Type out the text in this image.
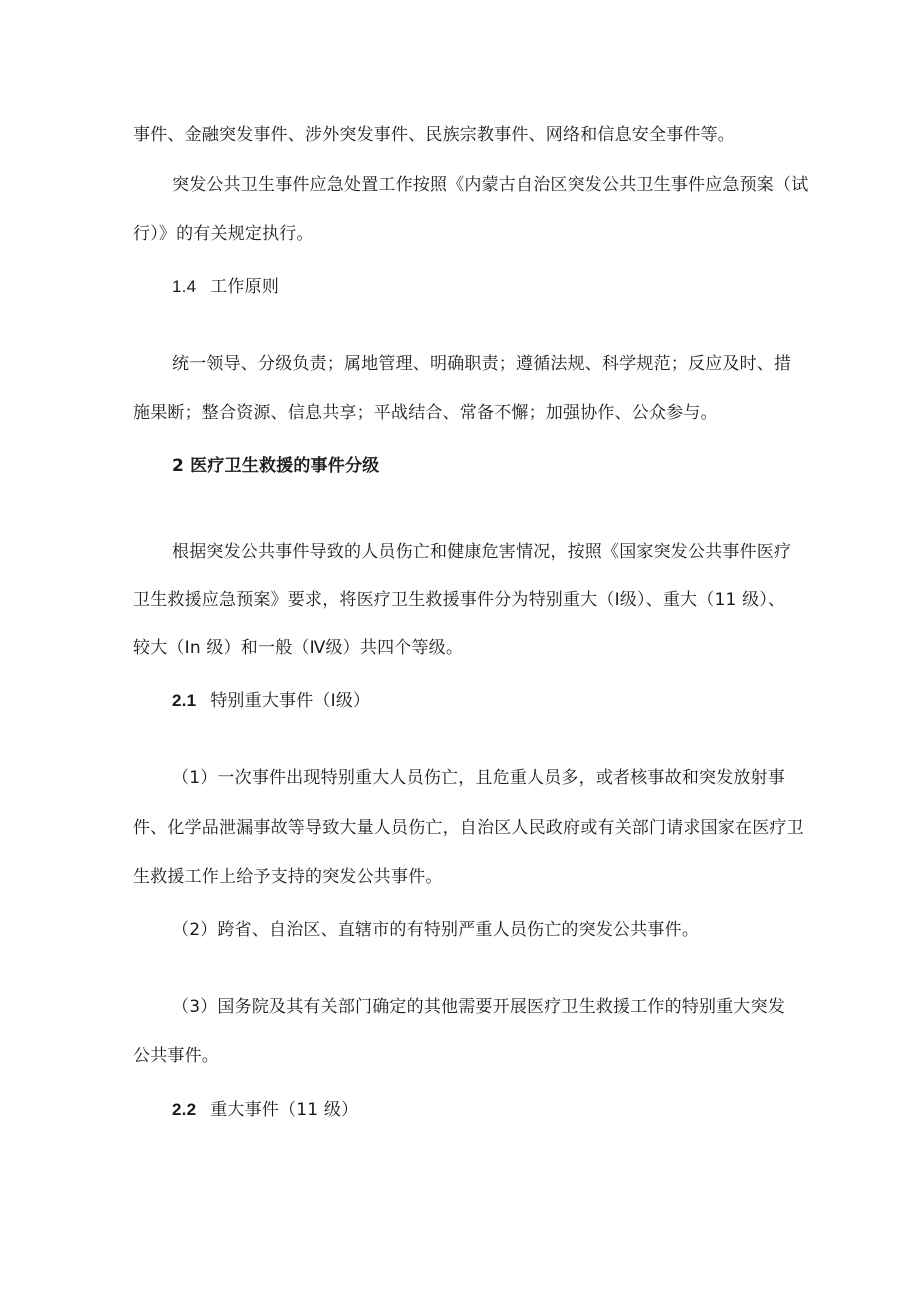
事件、金融突发事件、涉外突发事件、民族宗教事件、网络和信息安全事件等。
突发公共卫生事件应急处置工作按照《内蒙古自治区突发公共卫生事件应急预案（试
行）》的有关规定执行。
1.4 工作原则
统一领导、分级负责；属地管理、明确职责；遵循法规、科学规范；反应及时、措
施果断；整合资源、信息共享；平战结合、常备不懈；加强协作、公众参与。
2 医疗卫生救援的事件分级
根据突发公共事件导致的人员伤亡和健康危害情况，按照《国家突发公共事件医疗
卫生救援应急预案》要求，将医疗卫生救援事件分为特别重大（Ⅰ级）、重大（11 级）、
较大（In 级）和一般（Ⅳ级）共四个等级。
2.1 特别重大事件（Ⅰ级）
（1）一次事件出现特别重大人员伤亡，且危重人员多，或者核事故和突发放射事
件、化学品泄漏事故等导致大量人员伤亡，自治区人民政府或有关部门请求国家在医疗卫
生救援工作上给予支持的突发公共事件。
（2）跨省、自治区、直辖市的有特别严重人员伤亡的突发公共事件。
（3）国务院及其有关部门确定的其他需要开展医疗卫生救援工作的特别重大突发
公共事件。
2.2 重大事件（11 级）
